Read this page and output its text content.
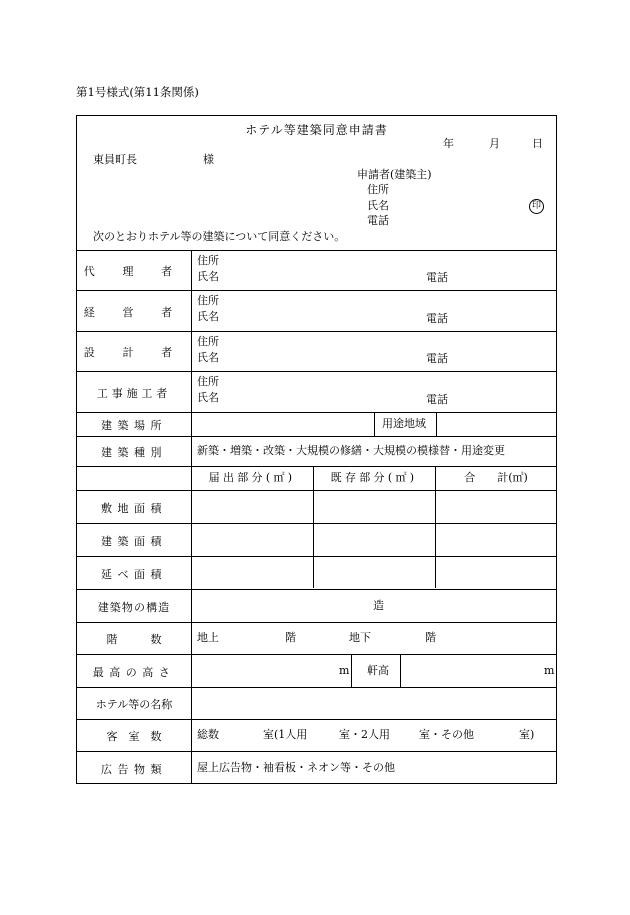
第1号様式(第11条関係)
ホテル等建築同意申請書
年	月	日
東員町長	様
申請者(建築主)
住所
氏名	印
電話
次のとおりホテル等の建築について同意ください。
代 理 者
住所
氏名	電話
経 営 者
住所
氏名	電話
設 計 者
住所
氏名	電話
工事施工者
住所
氏名	電話
建築場所	用途地域
建築種別	新築・増築・改築・大規模の修繕・大規模の模様替・用途変更
届出部分(㎡)	既存部分(㎡)	合　　計(㎡)
敷地面積
建築面積
延べ面積
建築物の構造	造
階　　　数	地上	階	地下	階
最高の高さ	m 軒高	m
ホテル等の名称
客　室　数	総数	室(1人用	室・2人用	室・その他	室)
広告物類	屋上広告物・袖看板・ネオン等・その他
